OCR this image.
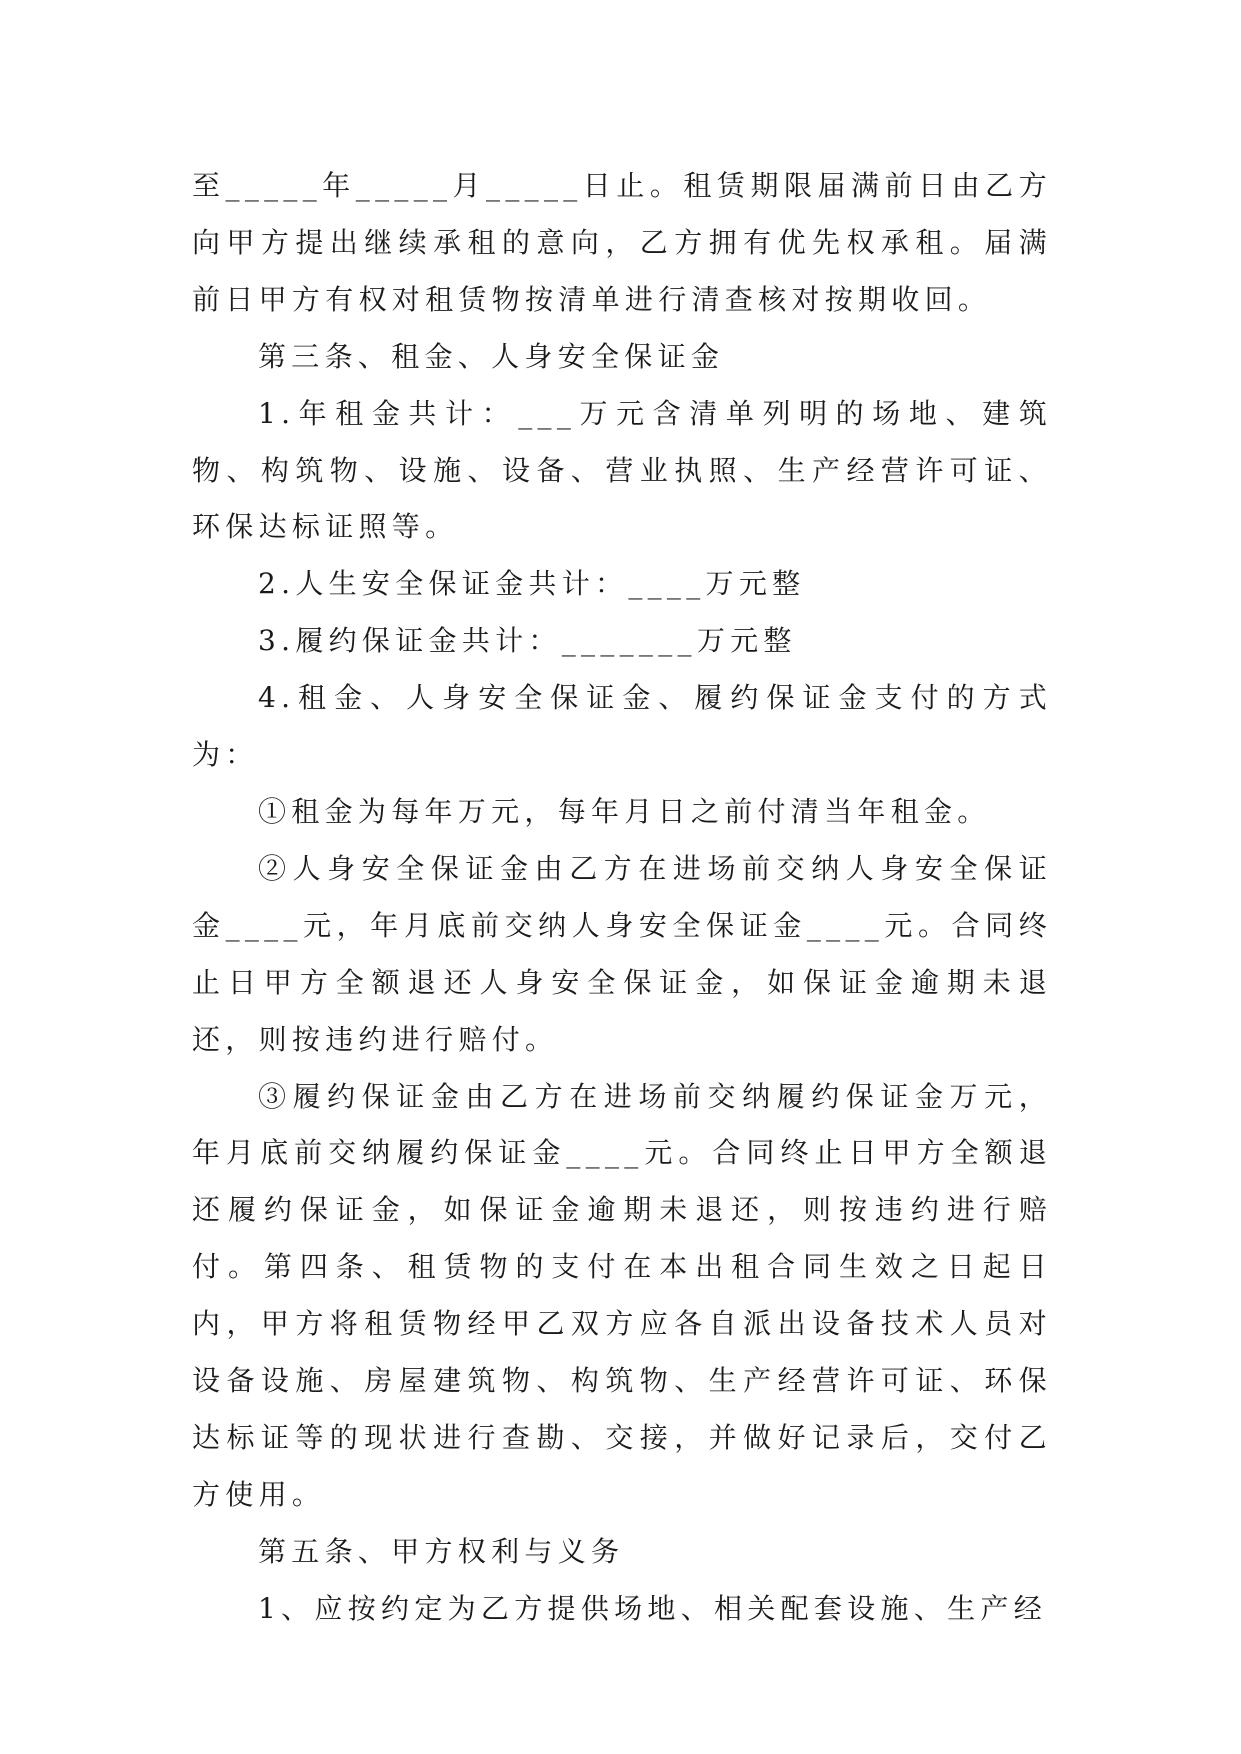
至_____年_____月_____日止。租赁期限届满前日由乙方向甲方提出继续承租的意向，乙方拥有优先权承租。届满前日甲方有权对租赁物按清单进行清查核对按期收回。

第三条、租金、人身安全保证金

1.年租金共计：___万元含清单列明的场地、建筑物、构筑物、设施、设备、营业执照、生产经营许可证、环保达标证照等。

2.人生安全保证金共计：____万元整

3.履约保证金共计：_______万元整

4.租金、人身安全保证金、履约保证金支付的方式为：

①租金为每年万元，每年月日之前付清当年租金。

②人身安全保证金由乙方在进场前交纳人身安全保证金____元，年月底前交纳人身安全保证金____元。合同终止日甲方全额退还人身安全保证金，如保证金逾期未退还，则按违约进行赔付。

③履约保证金由乙方在进场前交纳履约保证金万元，年月底前交纳履约保证金____元。合同终止日甲方全额退还履约保证金，如保证金逾期未退还，则按违约进行赔付。第四条、租赁物的支付在本出租合同生效之日起日内，甲方将租赁物经甲乙双方应各自派出设备技术人员对设备设施、房屋建筑物、构筑物、生产经营许可证、环保达标证等的现状进行查勘、交接，并做好记录后，交付乙方使用。

第五条、甲方权利与义务

1、应按约定为乙方提供场地、相关配套设施、生产经
